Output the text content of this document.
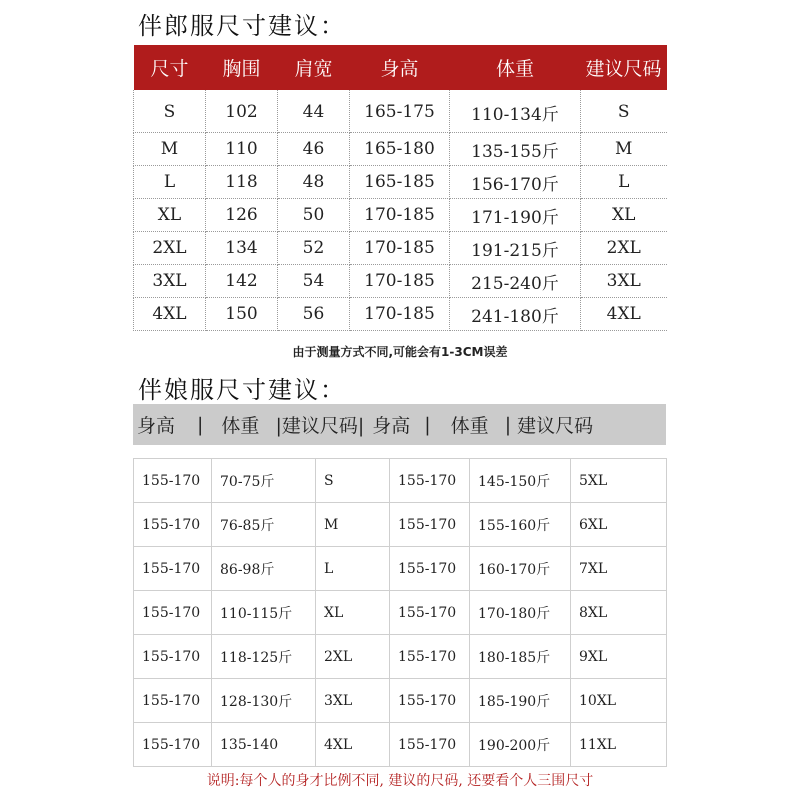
伴郎服尺寸建议：
尺寸	胸围	肩宽	身高	体重	建议尺码
S	102	44	165-175	110-134斤	S
M	110	46	165-180	135-155斤	M
L	118	48	165-185	156-170斤	L
XL	126	50	170-185	171-190斤	XL
2XL	134	52	170-185	191-215斤	2XL
3XL	142	54	170-185	215-240斤	3XL
4XL	150	56	170-185	241-180斤	4XL
由于测量方式不同,可能会有1-3CM误差
伴娘服尺寸建议：
身高 | 体重 |建议尺码| 身高 | 体重 | 建议尺码
155-170	70-75斤	S	155-170	145-150斤	5XL
155-170	76-85斤	M	155-170	155-160斤	6XL
155-170	86-98斤	L	155-170	160-170斤	7XL
155-170	110-115斤	XL	155-170	170-180斤	8XL
155-170	118-125斤	2XL	155-170	180-185斤	9XL
155-170	128-130斤	3XL	155-170	185-190斤	10XL
155-170	135-140	4XL	155-170	190-200斤	11XL
说明:每个人的身才比例不同, 建议的尺码, 还要看个人三围尺寸
